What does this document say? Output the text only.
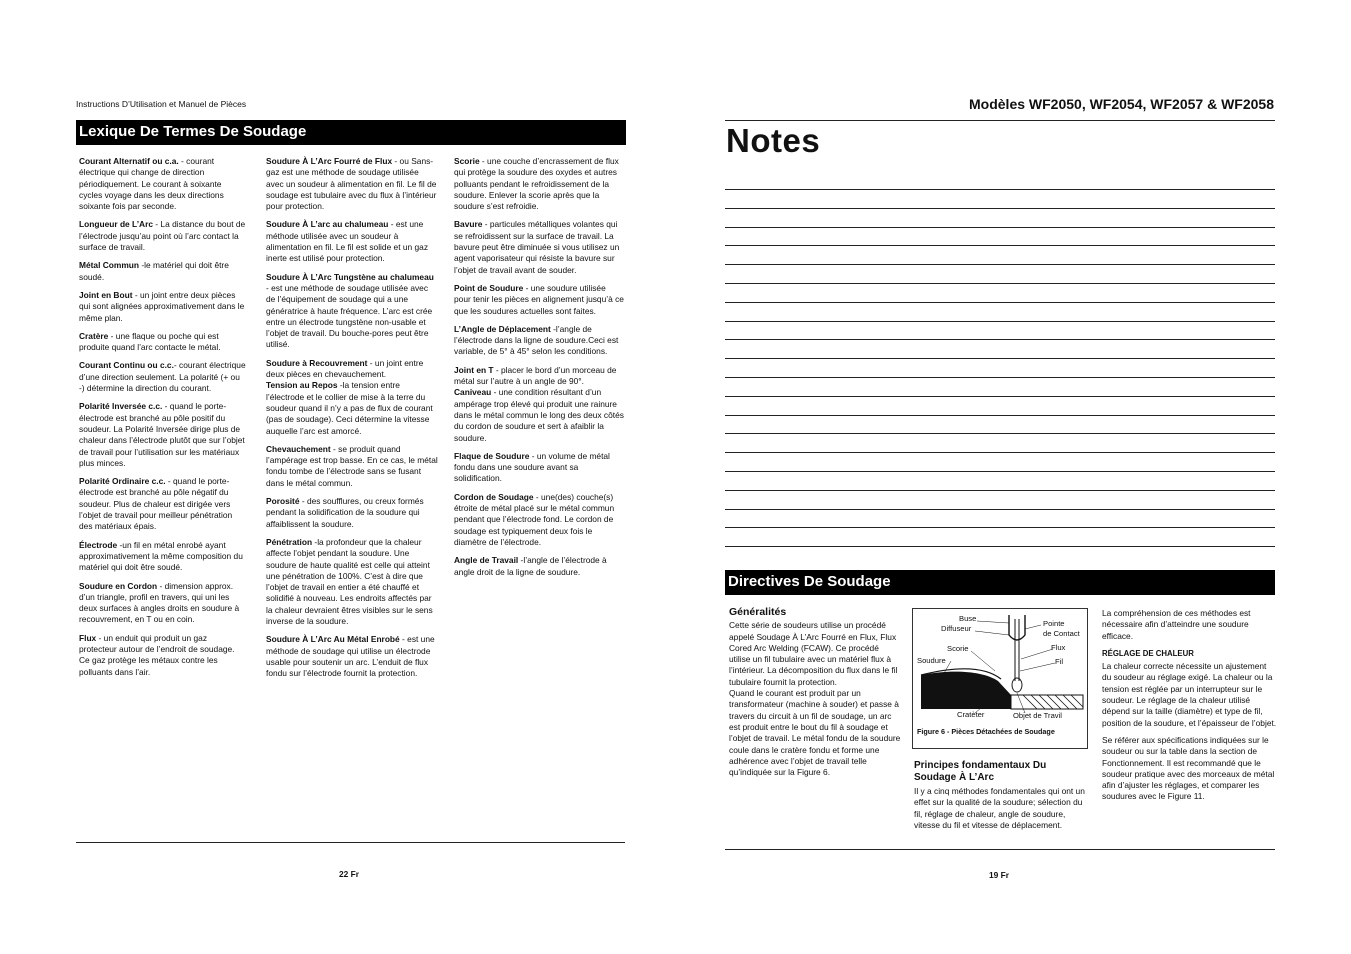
Instructions D’Utilisation et Manuel de Pièces
Lexique De Termes De Soudage
Courant Alternatif ou c.a. - courant électrique qui change de direction périodiquement. Le courant à soixante cycles voyage dans les deux directions soixante fois par seconde.
Longueur de L’Arc - La distance du bout de l’électrode jusqu’au point où l’arc contact la surface de travail.
Métal Commun -le matériel qui doit être soudé.
Joint en Bout - un joint entre deux pièces qui sont alignées approximativement dans le même plan.
Cratère - une flaque ou poche qui est produite quand l’arc contacte le métal.
Courant Continu ou c.c.- courant électrique d’une direction seulement. La polarité (+ ou -) détermine la direction du courant.
Polarité Inversée c.c. - quand le porte-électrode est branché au pôle positif du soudeur. La Polarité Inversée dirige plus de chaleur dans l’électrode plutôt que sur l’objet de travail pour l’utilisation sur les matériaux plus minces.
Polarité Ordinaire c.c. - quand le porte-électrode est branché au pôle négatif du soudeur. Plus de chaleur est dirigée vers l’objet de travail pour meilleur pénétration des matériaux épais.
Électrode -un fil en métal enrobé ayant approximativement la même composition du matériel qui doit être soudé.
Soudure en Cordon - dimension approx. d’un triangle, profil en travers, qui uni les deux surfaces à angles droits en soudure à recouvrement, en T ou en coin.
Flux - un enduit qui produit un gaz protecteur autour de l’endroit de soudage. Ce gaz protège les métaux contre les polluants dans l’air.
Soudure À L’Arc Fourré de Flux - ou Sans-gaz est une méthode de soudage utilisée avec un soudeur à alimentation en fil. Le fil de soudage est tubulaire avec du flux à l’intérieur pour protection.
Soudure À L’arc au chalumeau - est une méthode utilisée avec un soudeur à alimentation en fil. Le fil est solide et un gaz inerte est utilisé pour protection.
Soudure À L’Arc Tungstène au chalumeau - est une méthode de soudage utilisée avec de l’équipement de soudage qui a une génératrice à haute fréquence. L’arc est crée entre un électrode tungstène non-usable et l’objet de travail. Du bouche-pores peut être utilisé.
Soudure à Recouvrement - un joint entre deux pièces en chevauchement.
Tension au Repos -la tension entre l’électrode et le collier de mise à la terre du soudeur quand il n’y a pas de flux de courant (pas de soudage). Ceci détermine la vitesse auquelle l’arc est amorcé.
Chevauchement - se produit quand l’ampérage est trop basse. En ce cas, le métal fondu tombe de l’électrode sans se fusant dans le métal commun.
Porosité - des soufflures, ou creux formés pendant la solidification de la soudure qui affaiblissent la soudure.
Pénétration -la profondeur que la chaleur affecte l’objet pendant la soudure. Une soudure de haute qualité est celle qui atteint une pénétration de 100%. C’est à dire que l’objet de travail en entier a été chauffé et solidifié à nouveau. Les endroits affectés par la chaleur devraient êtres visibles sur le sens inverse de la soudure.
Soudure À L’Arc Au Métal Enrobé - est une méthode de soudage qui utilise un électrode usable pour soutenir un arc. L’enduit de flux fondu sur l’électrode fournit la protection.
Scorie - une couche d’encrassement de flux qui protège la soudure des oxydes et autres polluants pendant le refroidissement de la soudure. Enlever la scorie après que la soudure s’est refroidie.
Bavure - particules métalliques volantes qui se refroidissent sur la surface de travail. La bavure peut être diminuée si vous utilisez un agent vaporisateur qui résiste la bavure sur l’objet de travail avant de souder.
Point de Soudure - une soudure utilisée pour tenir les pièces en alignement jusqu’à ce que les soudures actuelles sont faites.
L’Angle de Déplacement -l’angle de l’électrode dans la ligne de soudure.Ceci est variable, de 5° à 45° selon les conditions.
Joint en T - placer le bord d’un morceau de métal sur l’autre à un angle de 90°.
Caniveau - une condition résultant d’un ampérage trop élevé qui produit une rainure dans le métal commun le long des deux côtés du cordon de soudure et sert à afaiblir la soudure.
Flaque de Soudure - un volume de métal fondu dans une soudure avant sa solidification.
Cordon de Soudage - une(des) couche(s) étroite de métal placé sur le métal commun pendant que l’électrode fond. Le cordon de soudage est typiquement deux fois le diamètre de l’électrode.
Angle de Travail -l’angle de l’électrode à angle droit de la ligne de soudure.
22 Fr
Modèles WF2050, WF2054, WF2057 & WF2058
Notes
Directives De Soudage
Généralités
Cette série de soudeurs utilise un procédé appelé Soudage À L’Arc Fourré en Flux, Flux Cored Arc Welding (FCAW). Ce procédé utilise un fil tubulaire avec un matériel flux à l’intérieur. La décomposition du flux dans le fil tubulaire fournit la protection.
Quand le courant est produit par un transformateur (machine à souder) et passe à travers du circuit à un fil de soudage, un arc est produit entre le bout du fil à soudage et l’objet de travail. Le métal fondu de la soudure coule dans le cratère fondu et forme une adhérence avec l’objet de travail telle qu’indiquée sur la Figure 6.
Buse
Diffuseur
Scorie
Soudure
Pointe
de Contact
Flux
Fil
Cratèter	Objet de Travil
Figure 6 - Pièces Détachées de Soudage
Principes fondamentaux Du Soudage À L’Arc
Il y a cinq méthodes fondamentales qui ont un effet sur la qualité de la soudure; sélection du fil, réglage de chaleur, angle de soudure, vitesse du fil et vitesse de déplacement.

La compréhension de ces méthodes est nécessaire afin d’atteindre une soudure efficace.

RÉGLAGE DE CHALEUR

La chaleur correcte nécessite un ajustement du soudeur au réglage exigé. La chaleur ou la tension est réglée par un interrupteur sur le soudeur. Le réglage de la chaleur utilisé dépend sur la taille (diamètre) et type de fil, position de la soudure, et l’épaisseur de l’objet.

Se référer aux spécifications indiquées sur le soudeur ou sur la table dans la section de Fonctionnement. Il est recommandé que le soudeur pratique avec des morceaux de métal afin d’ajuster les réglages, et comparer les soudures avec le Figure 11.

19 Fr
